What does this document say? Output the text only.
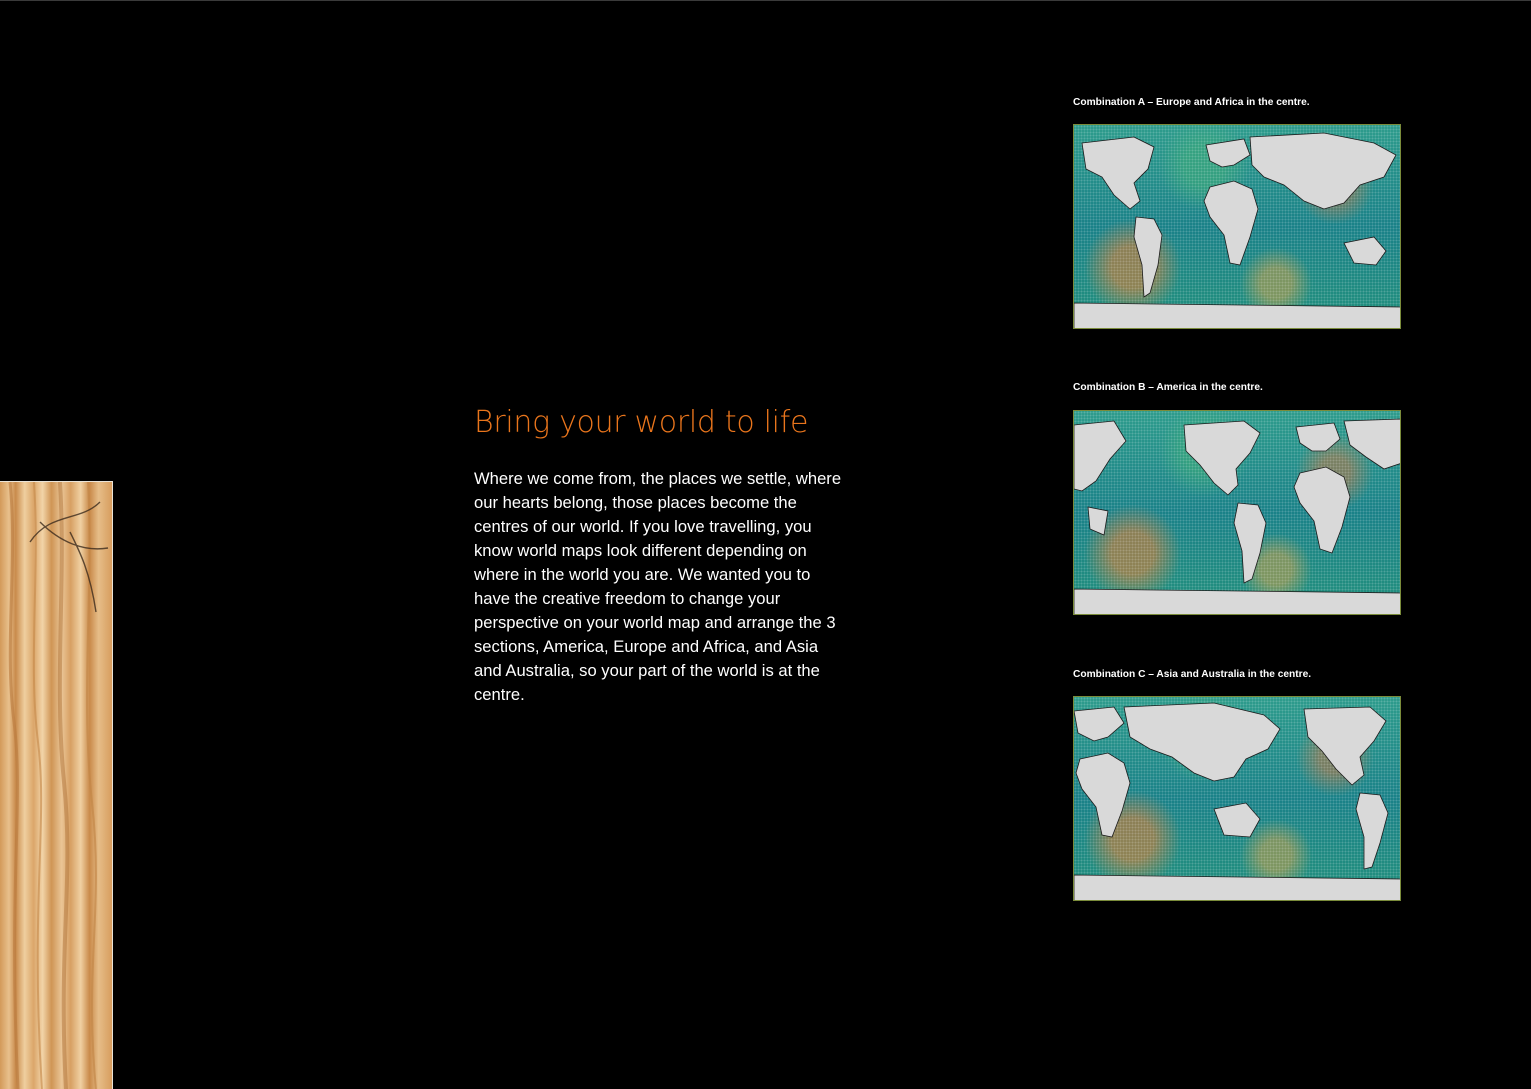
Bring your world to life

Where we come from, the places we settle, where our hearts belong, those places become the centres of our world. If you love travelling, you know world maps look different depending on where in the world you are. We wanted you to have the creative freedom to change your perspective on your world map and arrange the 3 sections, America, Europe and Africa, and Asia and Australia, so your part of the world is at the centre.

Combination A – Europe and Africa in the centre.

Combination B – America in the centre.

Combination C – Asia and Australia in the centre.
